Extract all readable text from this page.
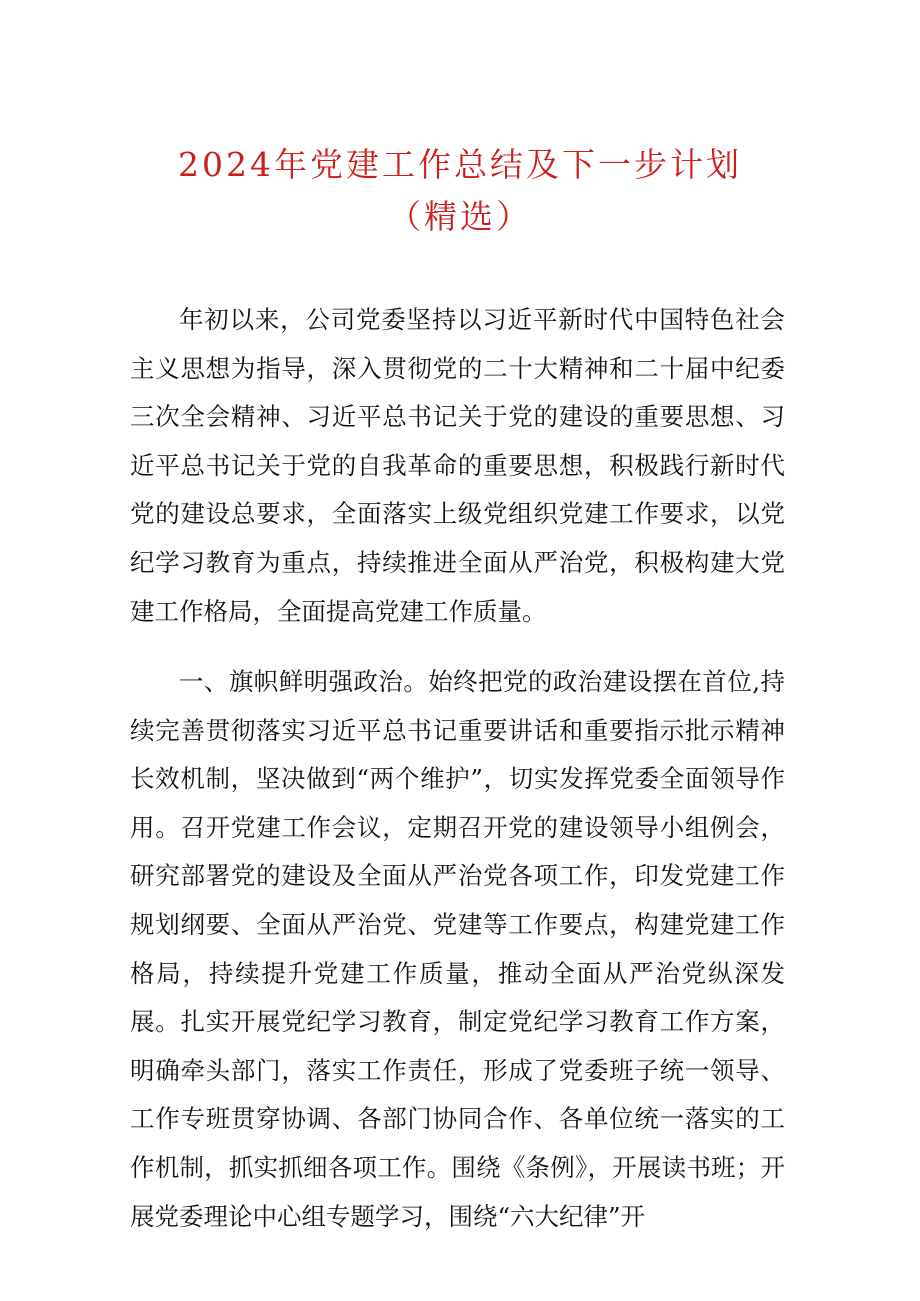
2024年党建工作总结及下一步计划
（精选）

年初以来，公司党委坚持以习近平新时代中国特色社会主义思想为指导，深入贯彻党的二十大精神和二十届中纪委三次全会精神、习近平总书记关于党的建设的重要思想、习近平总书记关于党的自我革命的重要思想，积极践行新时代党的建设总要求，全面落实上级党组织党建工作要求，以党纪学习教育为重点，持续推进全面从严治党，积极构建大党建工作格局，全面提高党建工作质量。

一、旗帜鲜明强政治。始终把党的政治建设摆在首位,持续完善贯彻落实习近平总书记重要讲话和重要指示批示精神长效机制，坚决做到“两个维护”，切实发挥党委全面领导作用。召开党建工作会议，定期召开党的建设领导小组例会，研究部署党的建设及全面从严治党各项工作，印发党建工作规划纲要、全面从严治党、党建等工作要点，构建党建工作格局，持续提升党建工作质量，推动全面从严治党纵深发展。扎实开展党纪学习教育，制定党纪学习教育工作方案，明确牵头部门，落实工作责任，形成了党委班子统一领导、工作专班贯穿协调、各部门协同合作、各单位统一落实的工作机制，抓实抓细各项工作。围绕《条例》，开展读书班；开展党委理论中心组专题学习，围绕“六大纪律”开
